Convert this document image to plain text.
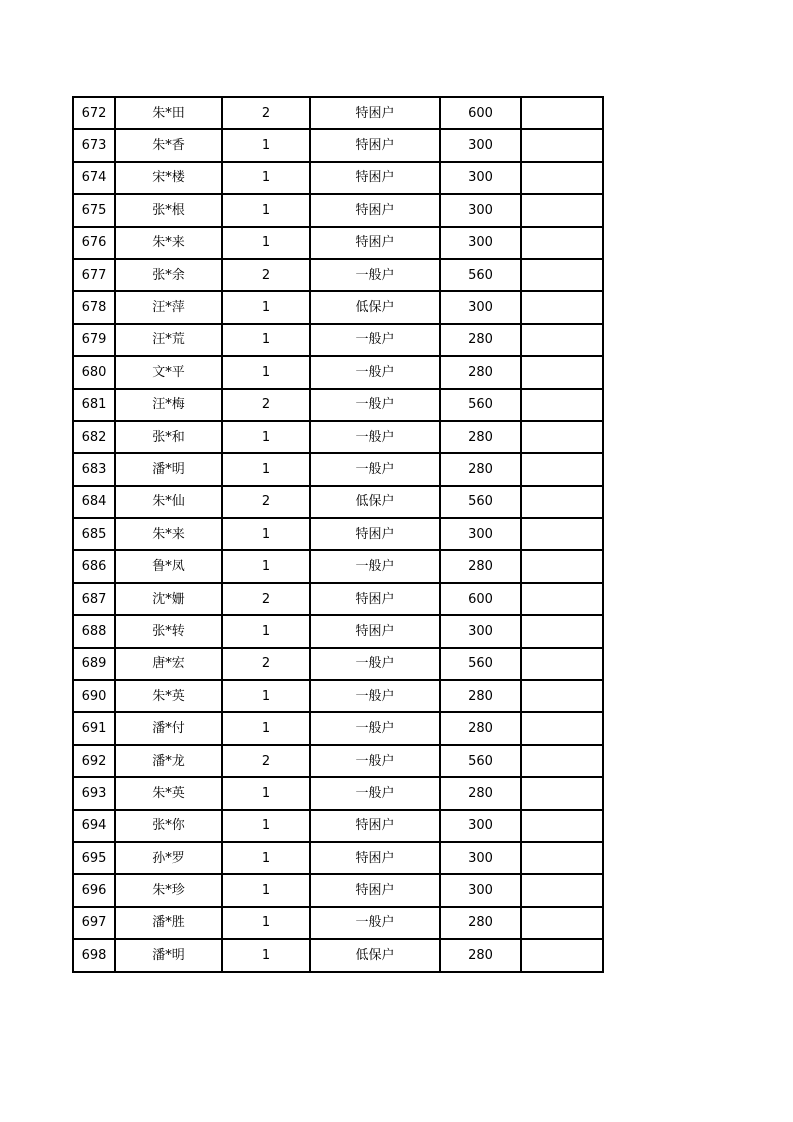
672	朱*田	2	特困户	600	
673	朱*香	1	特困户	300	
674	宋*楼	1	特困户	300	
675	张*根	1	特困户	300	
676	朱*来	1	特困户	300	
677	张*余	2	一般户	560	
678	汪*萍	1	低保户	300	
679	汪*荒	1	一般户	280	
680	文*平	1	一般户	280	
681	汪*梅	2	一般户	560	
682	张*和	1	一般户	280	
683	潘*明	1	一般户	280	
684	朱*仙	2	低保户	560	
685	朱*来	1	特困户	300	
686	鲁*凤	1	一般户	280	
687	沈*姗	2	特困户	600	
688	张*转	1	特困户	300	
689	唐*宏	2	一般户	560	
690	朱*英	1	一般户	280	
691	潘*付	1	一般户	280	
692	潘*龙	2	一般户	560	
693	朱*英	1	一般户	280	
694	张*你	1	特困户	300	
695	孙*罗	1	特困户	300	
696	朱*珍	1	特困户	300	
697	潘*胜	1	一般户	280	
698	潘*明	1	低保户	280	
